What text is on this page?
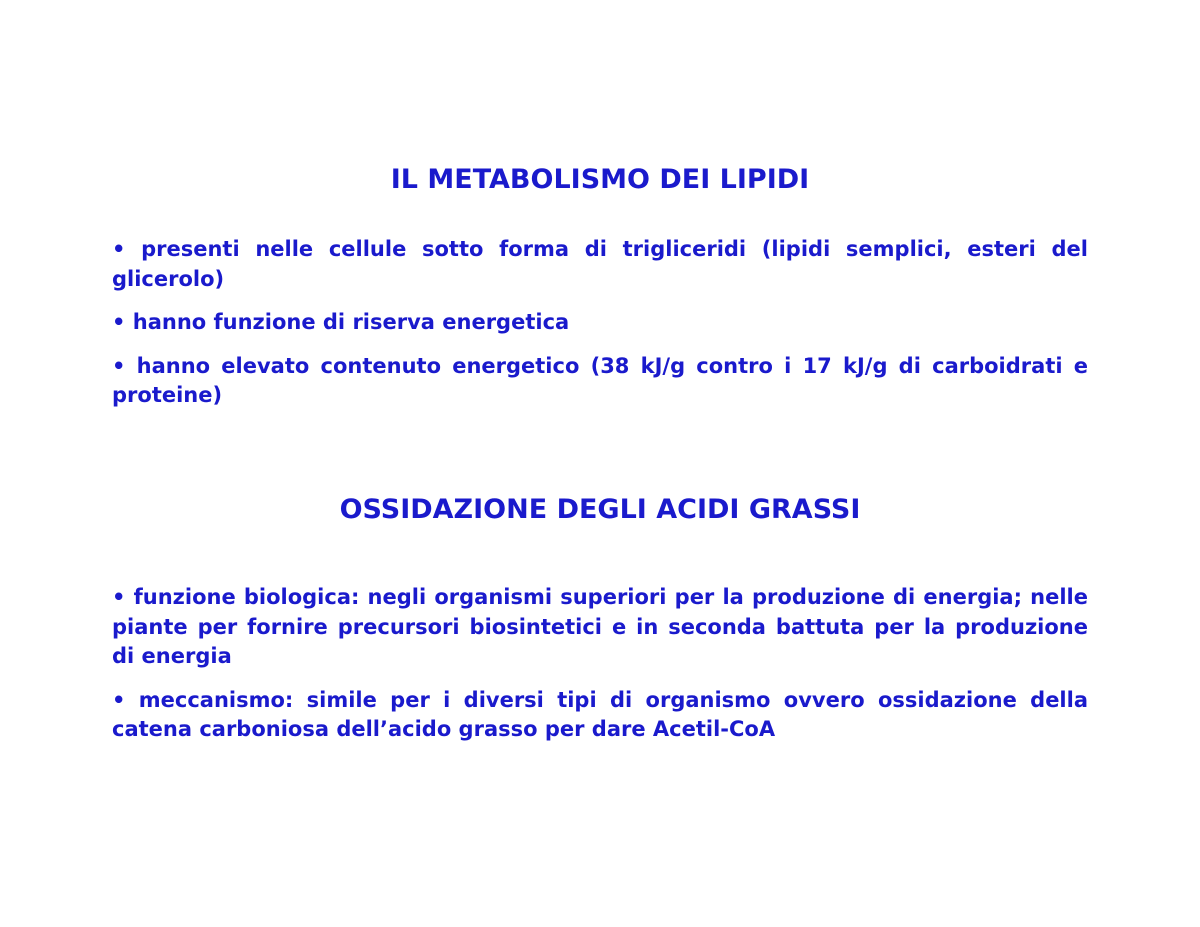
IL METABOLISMO DEI LIPIDI
• presenti nelle cellule sotto forma di trigliceridi (lipidi semplici, esteri del glicerolo)
• hanno funzione di riserva energetica
• hanno elevato contenuto energetico (38 kJ/g contro i 17 kJ/g di carboidrati e proteine)
OSSIDAZIONE DEGLI ACIDI GRASSI
• funzione biologica: negli organismi superiori per la produzione di energia; nelle piante per fornire precursori biosintetici e in seconda battuta per la produzione di energia
• meccanismo: simile per i diversi tipi di organismo ovvero ossidazione della catena carboniosa dell’acido grasso per dare Acetil-CoA
